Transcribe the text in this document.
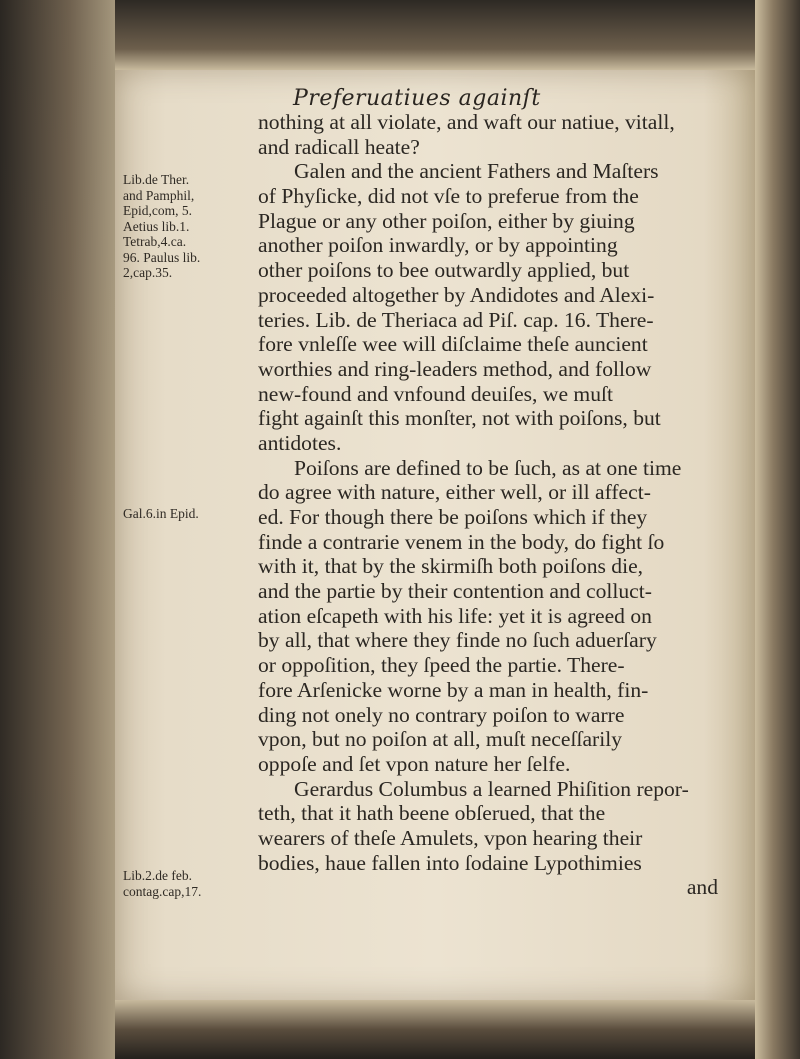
Preferuatiues againſt
nothing at all violate, and waft our natiue, vitall,
and radicall heate?
Galen and the ancient Fathers and Maſters
of Phyſicke, did not vſe to preferue from the
Plague or any other poiſon, either by giuing
another poiſon inwardly, or by appointing
other poiſons to bee outwardly applied, but
proceeded altogether by Andidotes and Alexi-
teries. Lib. de Theriaca ad Piſ. cap. 16. There-
fore vnleſſe wee will diſclaime theſe auncient
worthies and ring-leaders method, and follow
new-found and vnfound deuiſes, we muſt
fight againſt this monſter, not with poiſons, but
antidotes.
Poiſons are defined to be ſuch, as at one time
do agree with nature, either well, or ill affect-
ed. For though there be poiſons which if they
finde a contrarie venem in the body, do fight ſo
with it, that by the skirmiſh both poiſons die,
and the partie by their contention and colluct-
ation eſcapeth with his life: yet it is agreed on
by all, that where they finde no ſuch aduerſary
or oppoſition, they ſpeed the partie. There-
fore Arſenicke worne by a man in health, fin-
ding not onely no contrary poiſon to warre
vpon, but no poiſon at all, muſt neceſſarily
oppoſe and ſet vpon nature her ſelfe.
Gerardus Columbus a learned Phiſition repor-
teth, that it hath beene obſerued, that the
wearers of theſe Amulets, vpon hearing their
bodies, haue fallen into ſodaine Lypothimies
and
Lib.de Ther.
and Pamphil,
Epid,com, 5.
Aetius lib.1.
Tetrab,4.ca.
96. Paulus lib.
2,cap.35.
Gal.6.in Epid.
Lib.2.de feb.
contag.cap,17.
